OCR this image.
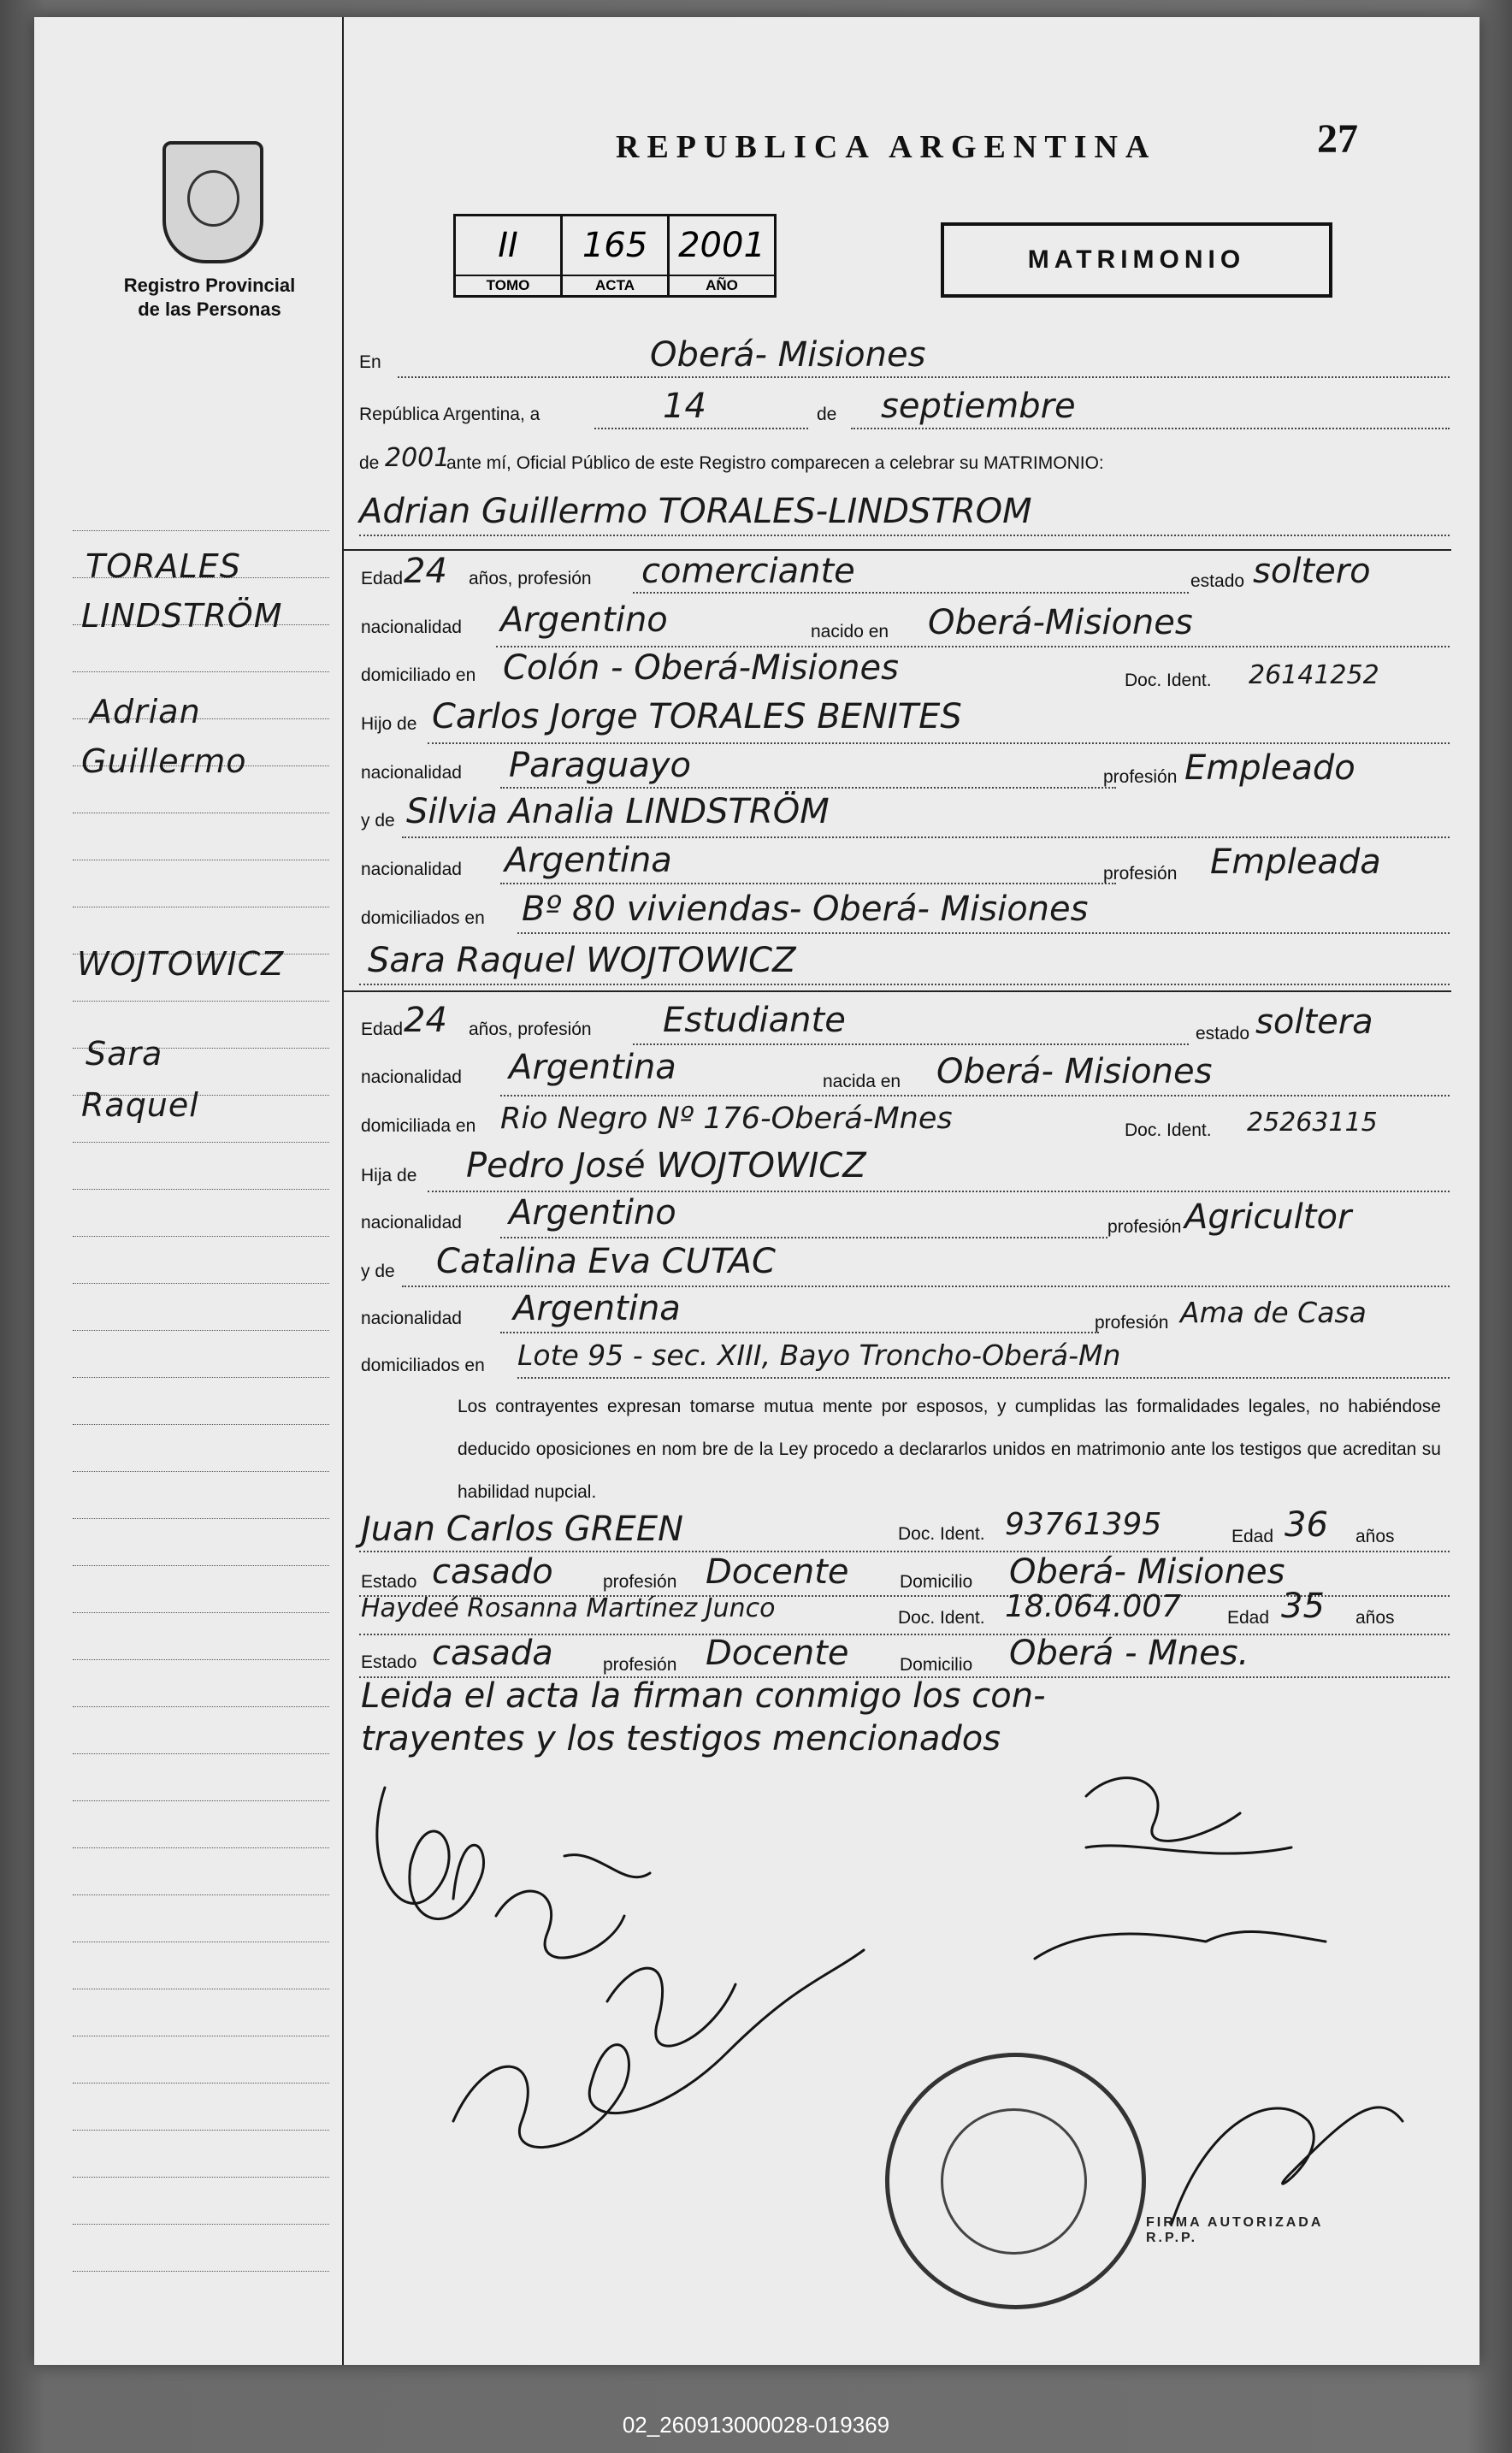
Registro Provincial
de las Personas
TORALES
LINDSTRÖM
Adrian
Guillermo
WOJTOWICZ
Sara
Raquel
REPUBLICA ARGENTINA	27
II
TOMO
165
ACTA
2001
AÑO
MATRIMONIO
En	Oberá- Misiones
República Argentina, a	14	de septiembre
de 2001
ante mí, Oficial Público de este Registro comparecen a celebrar su MATRIMONIO:
Adrian Guillermo TORALES-LINDSTROM
Edad 24 años, profesión comerciante	estado soltero
nacionalidad Argentino	nacido en Oberá-Misiones
domiciliado en Colón - Oberá-Misiones	Doc. Ident. 26141252
Hijo de Carlos Jorge TORALES BENITES
nacionalidad Paraguayo	profesión Empleado
y de Silvia Analia LINDSTRÖM
nacionalidad Argentina	profesión Empleada
domiciliados en Bº 80 viviendas- Oberá- Misiones
Sara Raquel WOJTOWICZ
Edad 24 años, profesión Estudiante	estado soltera
nacionalidad Argentina	nacida en Oberá- Misiones
domiciliada en Rio Negro Nº 176-Oberá-Mnes	Doc. Ident. 25263115
Hija de Pedro José WOJTOWICZ
nacionalidad Argentino	profesión Agricultor
y de Catalina Eva CUTAC
nacionalidad Argentina	profesión Ama de Casa
domiciliados en Lote 95 - sec. XIII, Bayo Troncho-Oberá-Mn
Los contrayentes expresan tomarse mutua mente por esposos, y cumplidas las formalidades legales, no habiéndose deducido oposiciones en nom bre de la Ley procedo a declararlos unidos en matrimonio ante los testigos que acreditan su habilidad nupcial.
Juan Carlos GREEN	Doc. Ident. 93761395	Edad 36 años
Estado casado	profesión Docente	Domicilio Oberá- Misiones
Haydeé Rosanna Martínez Junco	Doc. Ident. 18.064.007	Edad 35 años
Estado casada	profesión Docente	Domicilio Oberá - Mnes.
Leida el acta la firman conmigo los con-
trayentes y los testigos mencionados
FIRMA AUTORIZADA
R.P.P.
02_260913000028-019369
